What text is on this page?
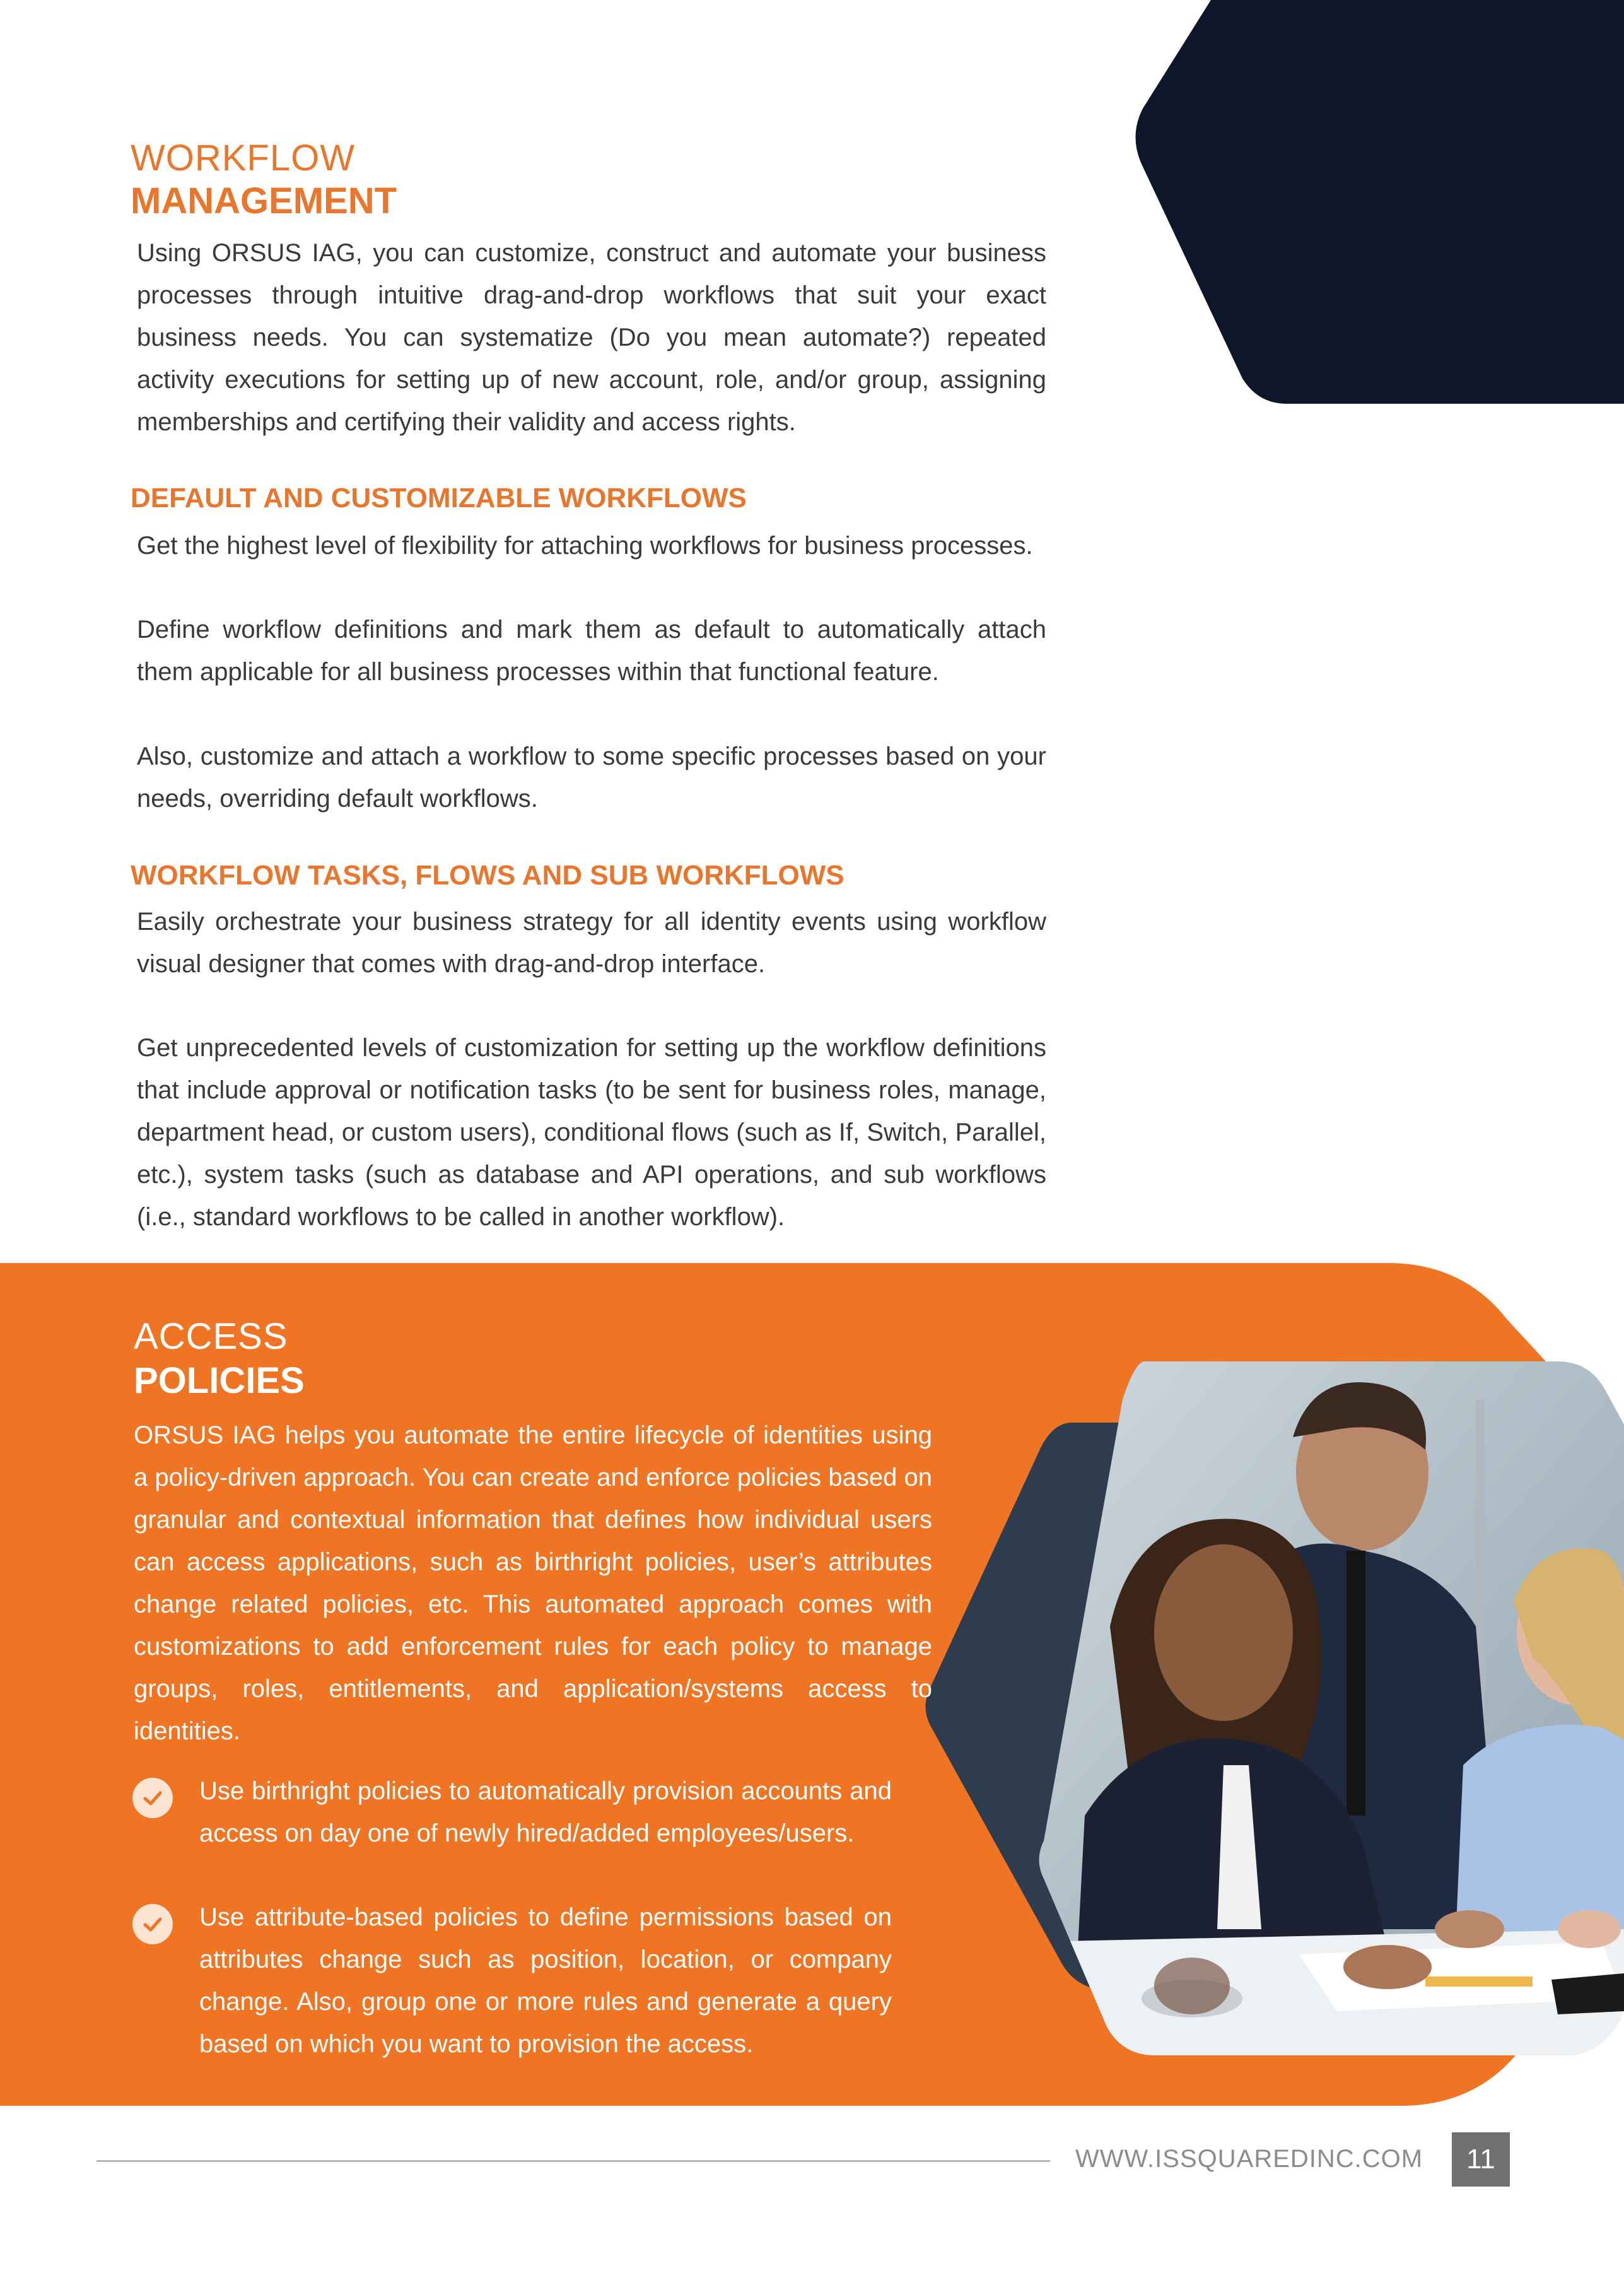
WORKFLOW
MANAGEMENT
Using ORSUS IAG, you can customize, construct and automate your business processes through intuitive drag-and-drop workflows that suit your exact business needs. You can systematize (Do you mean automate?) repeated activity executions for setting up of new account, role, and/or group, assigning memberships and certifying their validity and access rights.
DEFAULT AND CUSTOMIZABLE WORKFLOWS
Get the highest level of flexibility for attaching workflows for business processes.
Define workflow definitions and mark them as default to automatically attach them applicable for all business processes within that functional feature.
Also, customize and attach a workflow to some specific processes based on your needs, overriding default workflows.
WORKFLOW TASKS, FLOWS AND SUB WORKFLOWS
Easily orchestrate your business strategy for all identity events using workflow visual designer that comes with drag-and-drop interface.
Get unprecedented levels of customization for setting up the workflow definitions that include approval or notification tasks (to be sent for business roles, manage, department head, or custom users), conditional flows (such as If, Switch, Parallel, etc.), system tasks (such as database and API operations, and sub workflows (i.e., standard workflows to be called in another workflow).
ACCESS
POLICIES
ORSUS IAG helps you automate the entire lifecycle of identities using a policy-driven approach. You can create and enforce policies based on granular and contextual information that defines how individual users can access applications, such as birthright policies, user’s attributes change related policies, etc. This automated approach comes with customizations to add enforcement rules for each policy to manage groups, roles, entitlements, and application/systems access to identities.
Use birthright policies to automatically provision accounts and access on day one of newly hired/added employees/users.
Use attribute-based policies to define permissions based on attributes change such as position, location, or company change. Also, group one or more rules and generate a query based on which you want to provision the access.
WWW.ISSQUAREDINC.COM 11
